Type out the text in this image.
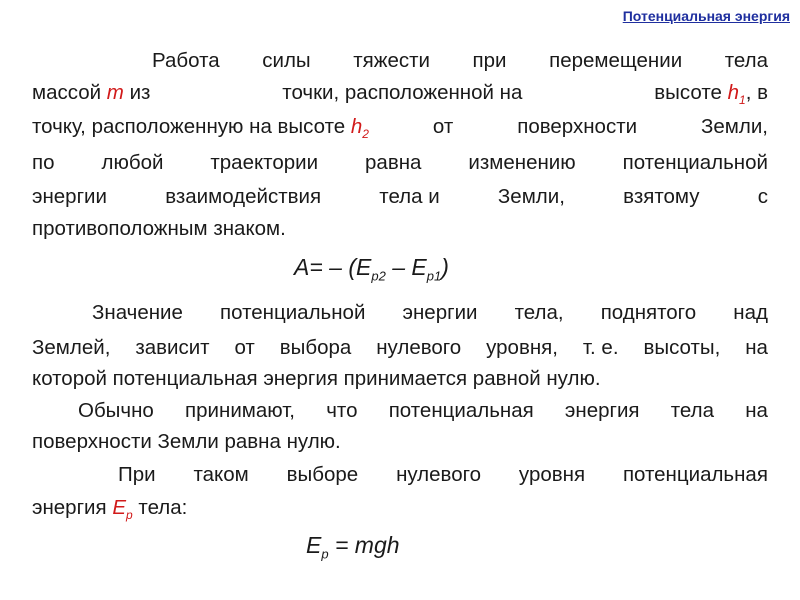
Потенциальная энергия
Работа силы тяжести при перемещении тела
массой m из	точки, расположенной на	высоте $h_1$, в
точку, расположенную на высоте $h_2$	от	поверхности	Земли,
по любой траектории равна изменению потенциальной
энергии	взаимодействия	тела и	Земли,	взятому	с
противоположным знаком.
$A= - (E_{p2} - E_{p1})$
Значение потенциальной энергии тела, поднятого над
Землей, зависит от выбора нулевого уровня, т. е. высоты, на
которой потенциальная энергия принимается равной нулю.
Обычно принимают, что потенциальная энергия тела на
поверхности Земли равна нулю.
При таком выборе нулевого уровня потенциальная
энергия $E_p$ тела:
$E_p$ = mgh
